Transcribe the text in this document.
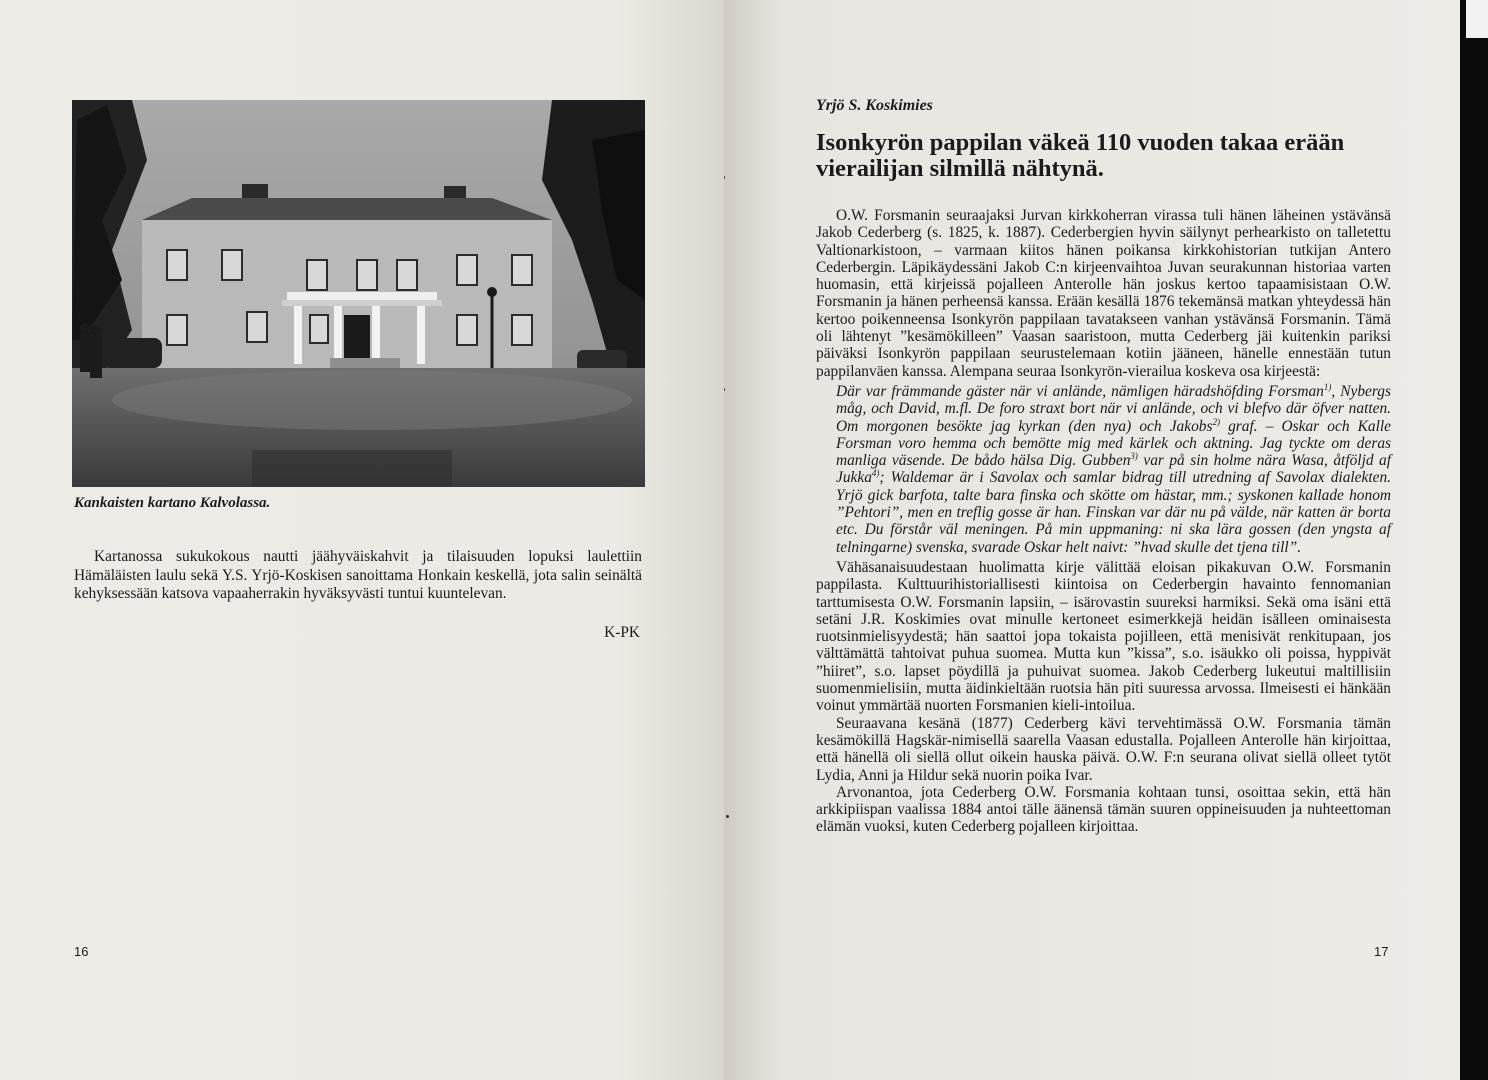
Kankaisten kartano Kalvolassa.

Kartanossa sukukokous nautti jäähyväiskahvit ja tilaisuuden lopuksi laulettiin Hämäläisten laulu sekä Y.S. Yrjö-Koskisen sanoittama Honkain keskellä, jota salin seinältä kehyksessään katsova vapaaherrakin hyväksyvästi tuntui kuuntelevan.

K-PK
16
Yrjö S. Koskimies
Isonkyrön pappilan väkeä 110 vuoden takaa erään vierailijan silmillä nähtynä.

O.W. Forsmanin seuraajaksi Jurvan kirkkoherran virassa tuli hänen läheinen ystävänsä Jakob Cederberg (s. 1825, k. 1887). Cederbergien hyvin säilynyt perhearkisto on talletettu Valtionarkistoon, – varmaan kiitos hänen poikansa kirkkohistorian tutkijan Antero Cederbergin. Läpikäydessäni Jakob C:n kirjeenvaihtoa Juvan seurakunnan historiaa varten huomasin, että kirjeissä pojalleen Anterolle hän joskus kertoo tapaamisistaan O.W. Forsmanin ja hänen perheensä kanssa. Erään kesällä 1876 tekemänsä matkan yhteydessä hän kertoo poikenneensa Isonkyrön pappilaan tavatakseen vanhan ystävänsä Forsmanin. Tämä oli lähtenyt ”kesämökilleen” Vaasan saaristoon, mutta Cederberg jäi kuitenkin pariksi päiväksi Isonkyrön pappilaan seurustelemaan kotiin jääneen, hänelle ennestään tutun pappilanväen kanssa. Alempana seuraa Isonkyrön-vierailua koskeva osa kirjeestä:

Där var främmande gäster när vi anlände, nämligen häradshöfding Forsman$^{1)}$, Nybergs måg, och David, m.fl. De foro straxt bort när vi anlände, och vi blefvo där öfver natten. Om morgonen besökte jag kyrkan (den nya) och Jakobs$^{2)}$ graf. – Oskar och Kalle Forsman voro hemma och bemötte mig med kärlek och aktning. Jag tyckte om deras manliga väsende. De bådo hälsa Dig. Gubben$^{3)}$ var på sin holme nära Wasa, åtföljd af Jukka$^{4)}$; Waldemar är i Savolax och samlar bidrag till utredning af Savolax dialekten. Yrjö gick barfota, talte bara finska och skötte om hästar, mm.; syskonen kallade honom ”Pehtori”, men en treflig gosse är han. Finskan var där nu på välde, när katten är borta etc. Du förstår väl meningen. På min uppmaning: ni ska lära gossen (den yngsta af telningarne) svenska, svarade Oskar helt naivt: ”hvad skulle det tjena till”.

Vähäsanaisuudestaan huolimatta kirje välittää eloisan pikakuvan O.W. Forsmanin pappilasta. Kulttuurihistoriallisesti kiintoisa on Cederbergin havainto fennomanian tarttumisesta O.W. Forsmanin lapsiin, – isärovastin suureksi harmiksi. Sekä oma isäni että setäni J.R. Koskimies ovat minulle kertoneet esimerkkejä heidän isälleen ominaisesta ruotsinmielisyydestä; hän saattoi jopa tokaista pojilleen, että menisivät renkitupaan, jos välttämättä tahtoivat puhua suomea. Mutta kun ”kissa”, s.o. isäukko oli poissa, hyppivät ”hiiret”, s.o. lapset pöydillä ja puhuivat suomea. Jakob Cederberg lukeutui maltillisiin suomenmielisiin, mutta äidinkieltään ruotsia hän piti suuressa arvossa. Ilmeisesti ei hänkään voinut ymmärtää nuorten Forsmanien kieli-intoilua.

Seuraavana kesänä (1877) Cederberg kävi tervehtimässä O.W. Forsmania tämän kesämökillä Hagskär-nimisellä saarella Vaasan edustalla. Pojalleen Anterolle hän kirjoittaa, että hänellä oli siellä ollut oikein hauska päivä. O.W. F:n seurana olivat siellä olleet tytöt Lydia, Anni ja Hildur sekä nuorin poika Ivar.

Arvonantoa, jota Cederberg O.W. Forsmania kohtaan tunsi, osoittaa sekin, että hän arkkipiispan vaalissa 1884 antoi tälle äänensä tämän suuren oppineisuuden ja nuhteettoman elämän vuoksi, kuten Cederberg pojalleen kirjoittaa.

17
